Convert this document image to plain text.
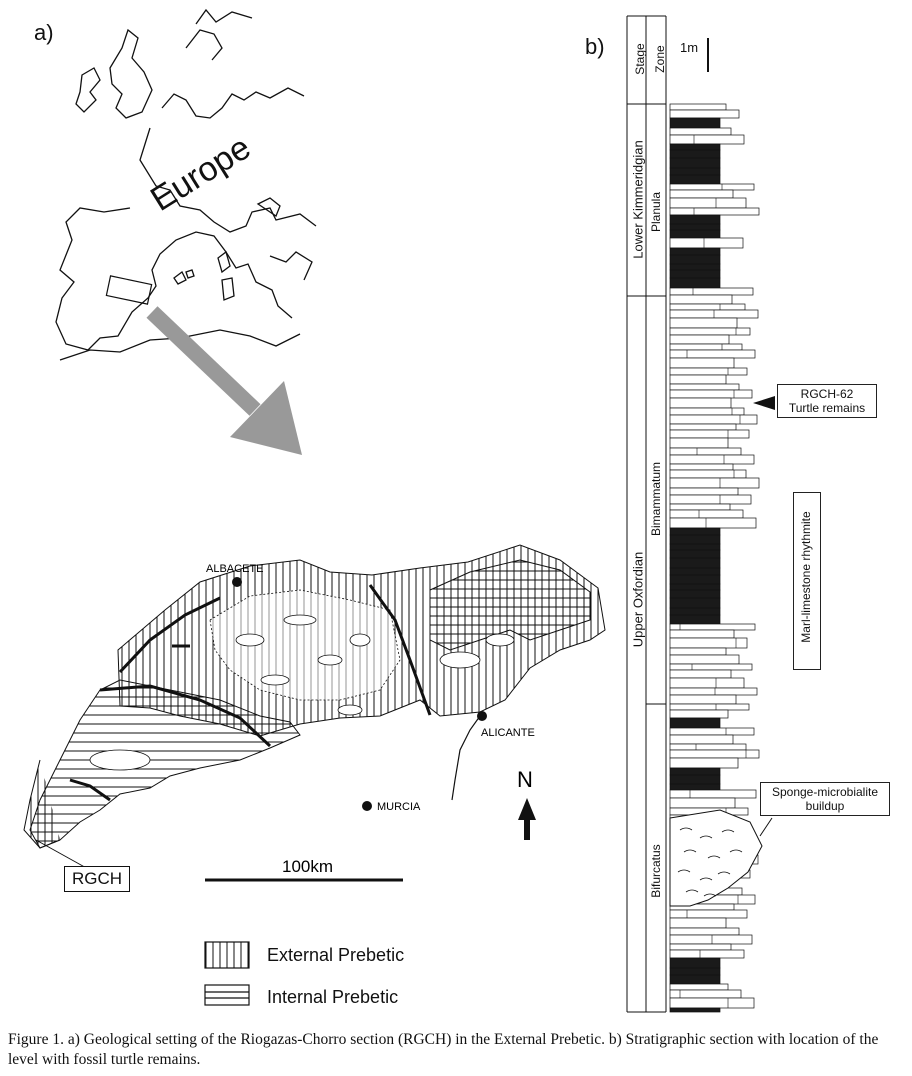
a)
b)
Europe
ALBACETE
ALICANTE
MURCIA
N
100km
RGCH
External Prebetic
Internal Prebetic
Stage Zone 1m
Lower Kimmeridgian
Upper Oxfordian
Planula
Bimammatum
Bifurcatus
RGCH-62
Turtle remains
Marl-limestone rhythmite
Sponge-microbialite
buildup
Figure 1. a) Geological setting of the Riogazas-Chorro section (RGCH) in the External Prebetic. b) Stratigraphic section with location of the level with fossil turtle remains.
